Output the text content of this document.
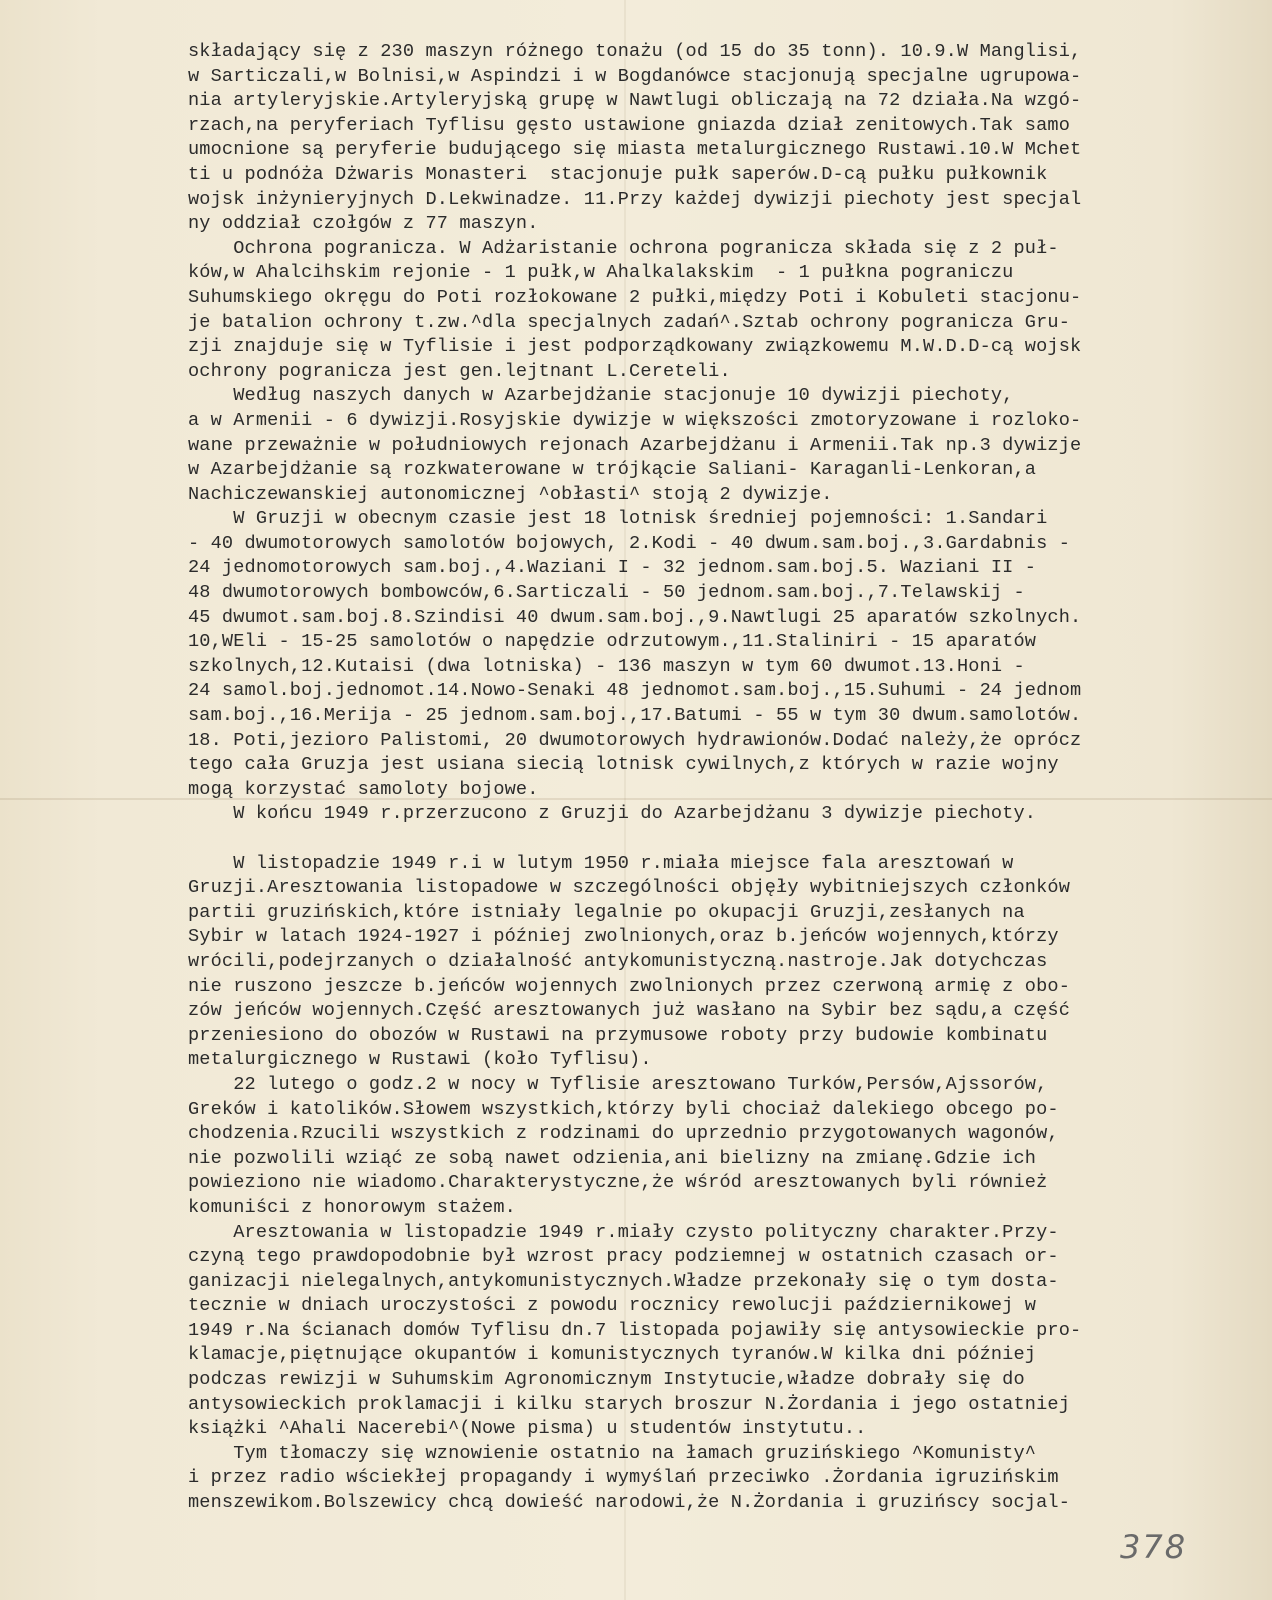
składający się z 230 maszyn różnego tonażu (od 15 do 35 tonn). 10.9.W Manglisi,
w Sarticzali,w Bolnisi,w Aspindzi i w Bogdanówce stacjonują specjalne ugrupowa-
nia artyleryjskie.Artyleryjską grupę w Nawtlugi obliczają na 72 działa.Na wzgó-
rzach,na peryferiach Tyflisu gęsto ustawione gniazda dział zenitowych.Tak samo
umocnione są peryferie budującego się miasta metalurgicznego Rustawi.10.W Mchet
ti u podnóża Dżwaris Monasteri  stacjonuje pułk saperów.D-cą pułku pułkownik
wojsk inżynieryjnych D.Lekwinadze. 11.Przy każdej dywizji piechoty jest specjal
ny oddział czołgów z 77 maszyn.
Ochrona pogranicza. W Adżaristanie ochrona pogranicza składa się z 2 puł-
ków,w Ahalcihskim rejonie - 1 pułk,w Ahalkalakskim  - 1 pułkna pograniczu
Suhumskiego okręgu do Poti rozłokowane 2 pułki,między Poti i Kobuleti stacjonu-
je batalion ochrony t.zw.^dla specjalnych zadań^.Sztab ochrony pogranicza Gru-
zji znajduje się w Tyflisie i jest podporządkowany związkowemu M.W.D.D-cą wojsk
ochrony pogranicza jest gen.lejtnant L.Cereteli.
Według naszych danych w Azarbejdżanie stacjonuje 10 dywizji piechoty,
a w Armenii - 6 dywizji.Rosyjskie dywizje w większości zmotoryzowane i rozloko-
wane przeważnie w południowych rejonach Azarbejdżanu i Armenii.Tak np.3 dywizje
w Azarbejdżanie są rozkwaterowane w trójkącie Saliani- Karaganli-Lenkoran,a
Nachiczewanskiej autonomicznej ^obłasti^ stoją 2 dywizje.
W Gruzji w obecnym czasie jest 18 lotnisk średniej pojemności: 1.Sandari
- 40 dwumotorowych samolotów bojowych, 2.Kodi - 40 dwum.sam.boj.,3.Gardabnis -
24 jednomotorowych sam.boj.,4.Waziani I - 32 jednom.sam.boj.5. Waziani II -
48 dwumotorowych bombowców,6.Sarticzali - 50 jednom.sam.boj.,7.Telawskij -
45 dwumot.sam.boj.8.Szindisi 40 dwum.sam.boj.,9.Nawtlugi 25 aparatów szkolnych.
10,WEli - 15-25 samolotów o napędzie odrzutowym.,11.Staliniri - 15 aparatów
szkolnych,12.Kutaisi (dwa lotniska) - 136 maszyn w tym 60 dwumot.13.Honi -
24 samol.boj.jednomot.14.Nowo-Senaki 48 jednomot.sam.boj.,15.Suhumi - 24 jednom
sam.boj.,16.Merija - 25 jednom.sam.boj.,17.Batumi - 55 w tym 30 dwum.samolotów.
18. Poti,jezioro Palistomi, 20 dwumotorowych hydrawionów.Dodać należy,że oprócz
tego cała Gruzja jest usiana siecią lotnisk cywilnych,z których w razie wojny
mogą korzystać samoloty bojowe.
W końcu 1949 r.przerzucono z Gruzji do Azarbejdżanu 3 dywizje piechoty.
W listopadzie 1949 r.i w lutym 1950 r.miała miejsce fala aresztowań w
Gruzji.Aresztowania listopadowe w szczególności objęły wybitniejszych członków
partii gruzińskich,które istniały legalnie po okupacji Gruzji,zesłanych na
Sybir w latach 1924-1927 i później zwolnionych,oraz b.jeńców wojennych,którzy
wrócili,podejrzanych o działalność antykomunistyczną.nastroje.Jak dotychczas
nie ruszono jeszcze b.jeńców wojennych zwolnionych przez czerwoną armię z obo-
zów jeńców wojennych.Część aresztowanych już wasłano na Sybir bez sądu,a część
przeniesiono do obozów w Rustawi na przymusowe roboty przy budowie kombinatu
metalurgicznego w Rustawi (koło Tyflisu).
22 lutego o godz.2 w nocy w Tyflisie aresztowano Turków,Persów,Ajssorów,
Greków i katolików.Słowem wszystkich,którzy byli chociaż dalekiego obcego po-
chodzenia.Rzucili wszystkich z rodzinami do uprzednio przygotowanych wagonów,
nie pozwolili wziąć ze sobą nawet odzienia,ani bielizny na zmianę.Gdzie ich
powieziono nie wiadomo.Charakterystyczne,że wśród aresztowanych byli również
komuniści z honorowym stażem.
Aresztowania w listopadzie 1949 r.miały czysto polityczny charakter.Przy-
czyną tego prawdopodobnie był wzrost pracy podziemnej w ostatnich czasach or-
ganizacji nielegalnych,antykomunistycznych.Władze przekonały się o tym dosta-
tecznie w dniach uroczystości z powodu rocznicy rewolucji październikowej w
1949 r.Na ścianach domów Tyflisu dn.7 listopada pojawiły się antysowieckie pro-
klamacje,piętnujące okupantów i komunistycznych tyranów.W kilka dni później
podczas rewizji w Suhumskim Agronomicznym Instytucie,władze dobrały się do
antysowieckich proklamacji i kilku starych broszur N.Żordania i jego ostatniej
książki ^Ahali Nacerebi^(Nowe pisma) u studentów instytutu..
Tym tłomaczy się wznowienie ostatnio na łamach gruzińskiego ^Komunisty^
i przez radio wściekłej propagandy i wymyślań przeciwko .Żordania igruzińskim
menszewikom.Bolszewicy chcą dowieść narodowi,że N.Żordania i gruzińscy socjal-
378
